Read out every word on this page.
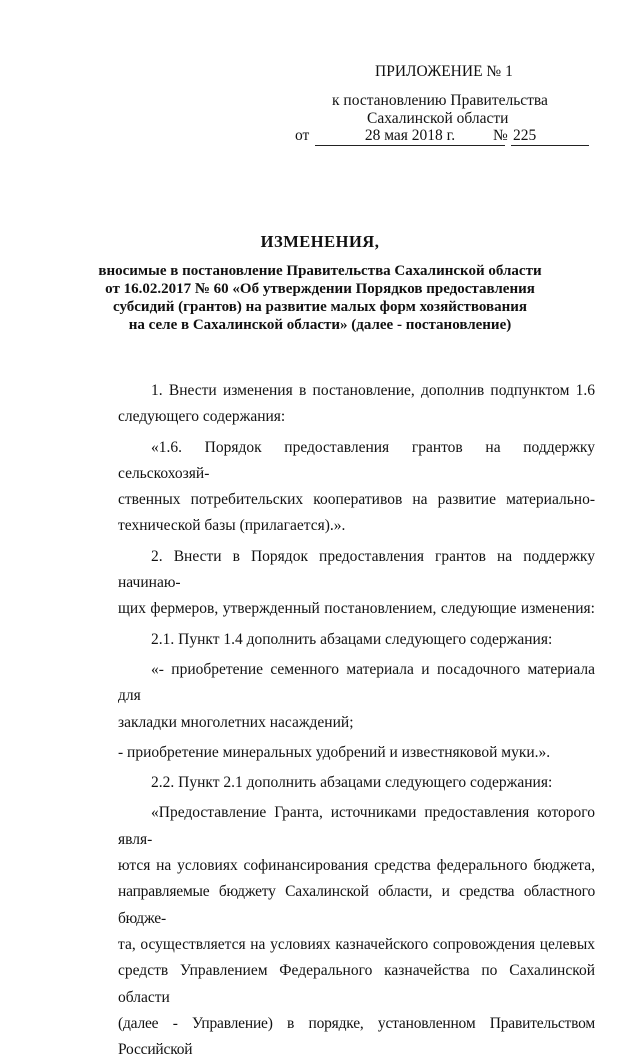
ПРИЛОЖЕНИЕ № 1
к постановлению Правительства
Сахалинской области
от	28 мая 2018 г.	№ 225
ИЗМЕНЕНИЯ,
вносимые в постановление Правительства Сахалинской области
от 16.02.2017 № 60 «Об утверждении Порядков предоставления
субсидий (грантов) на развитие малых форм хозяйствования
на селе в Сахалинской области» (далее - постановление)
1. Внести изменения в постановление, дополнив подпунктом 1.6
следующего содержания:
«1.6. Порядок предоставления грантов на поддержку сельскохозяй-
ственных потребительских кооперативов на развитие материально-
технической базы (прилагается).».
2. Внести в Порядок предоставления грантов на поддержку начинаю-
щих фермеров, утвержденный постановлением, следующие изменения:
2.1. Пункт 1.4 дополнить абзацами следующего содержания:
«- приобретение семенного материала и посадочного материала для
закладки многолетних насаждений;
- приобретение минеральных удобрений и известняковой муки.».
2.2. Пункт 2.1 дополнить абзацами следующего содержания:
«Предоставление Гранта, источниками предоставления которого явля-
ются на условиях софинансирования средства федерального бюджета,
направляемые бюджету Сахалинской области, и средства областного бюдже-
та, осуществляется на условиях казначейского сопровождения целевых
средств Управлением Федерального казначейства по Сахалинской области
(далее - Управление) в порядке, установленном Правительством Российской
